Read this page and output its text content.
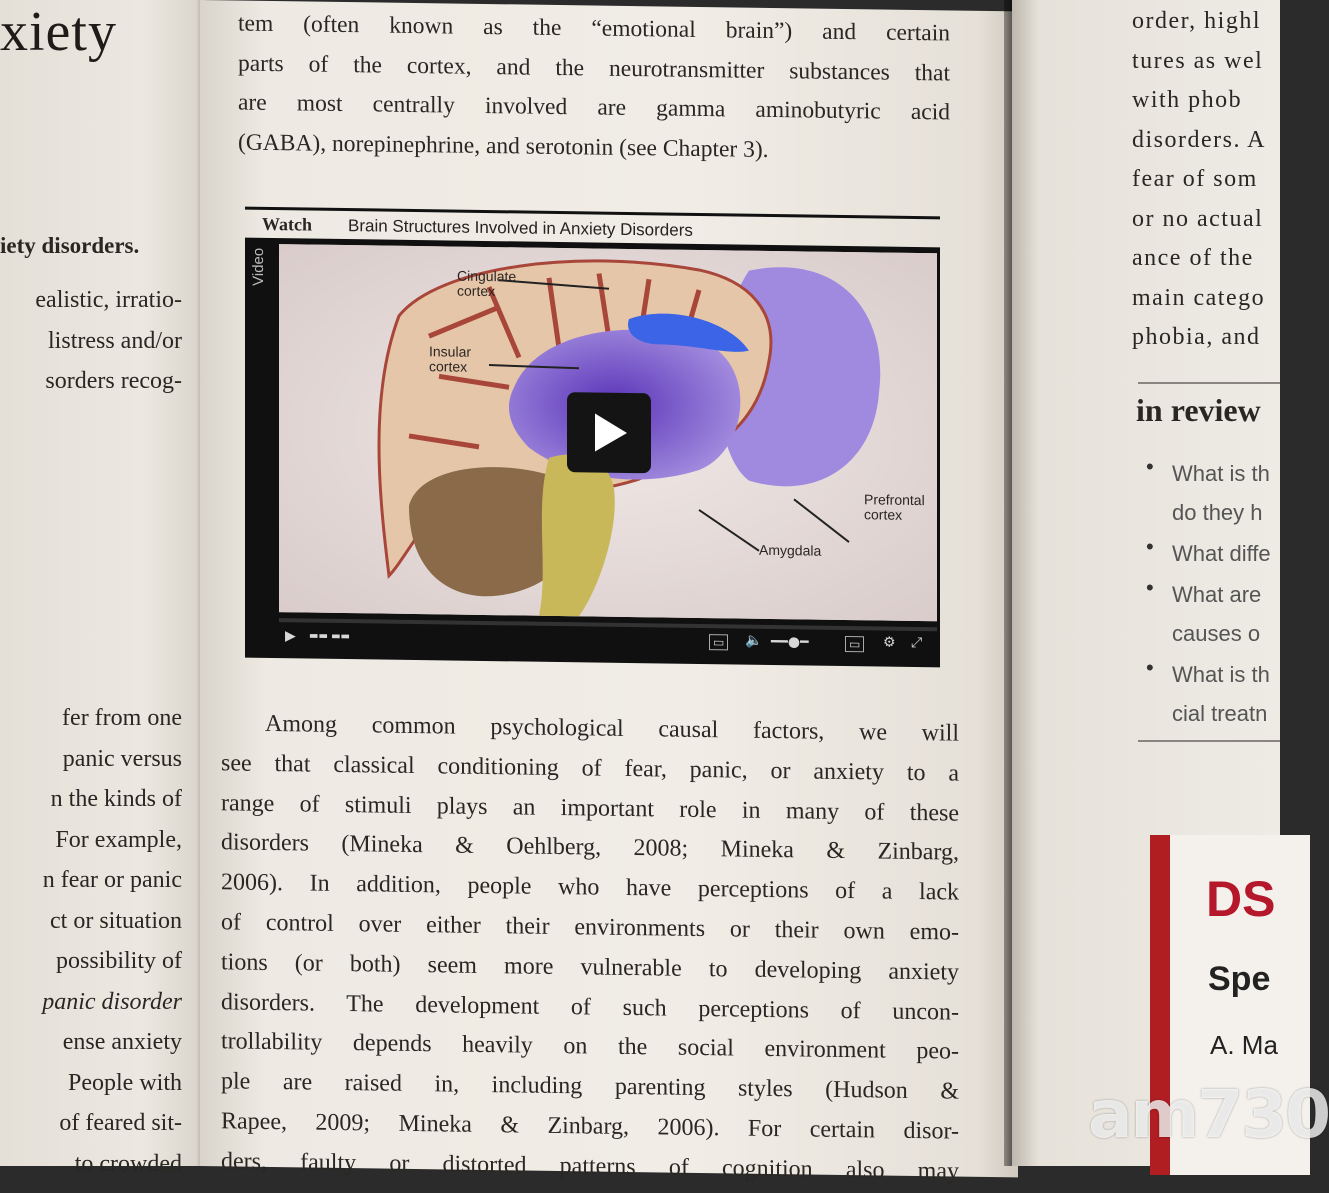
xiety
iety disorders.
ealistic, irratio-
listress and/or
sorders recog-
fer from one
panic versus
n the kinds of
For example,
n fear or panic
ct or situation
possibility of
panic disorder
ense anxiety
People with
of feared sit-
to crowded
tem (often known as the “emotional brain”) and certain
parts of the cortex, and the neurotransmitter substances that
are most centrally involved are gamma aminobutyric acid
(GABA), norepinephrine, and serotonin (see Chapter 3).
Watch Brain Structures Involved in Anxiety Disorders
Video	Cingulate cortex
Insular cortex
Prefrontal cortex
Amygdala
▶ ▬▬ ▬▬	▭ 🔈 ━━●━	▭ ⚙ ⤢
Among common psychological causal factors, we will
see that classical conditioning of fear, panic, or anxiety to a
range of stimuli plays an important role in many of these
disorders (Mineka & Oehlberg, 2008; Mineka & Zinbarg,
2006). In addition, people who have perceptions of a lack
of control over either their environments or their own emo-
tions (or both) seem more vulnerable to developing anxiety
disorders. The development of such perceptions of uncon-
trollability depends heavily on the social environment peo-
ple are raised in, including parenting styles (Hudson &
Rapee, 2009; Mineka & Zinbarg, 2006). For certain disor-
ders, faulty or distorted patterns of cognition also may
order, highl
tures as wel
with phob
disorders. A
fear of som
or no actual
ance of the
main catego
phobia, and
in review
• What is th
do they h
• What diffe
• What are
causes o
• What is th
cial treatn
DS
Spe
A. Ma
am730
